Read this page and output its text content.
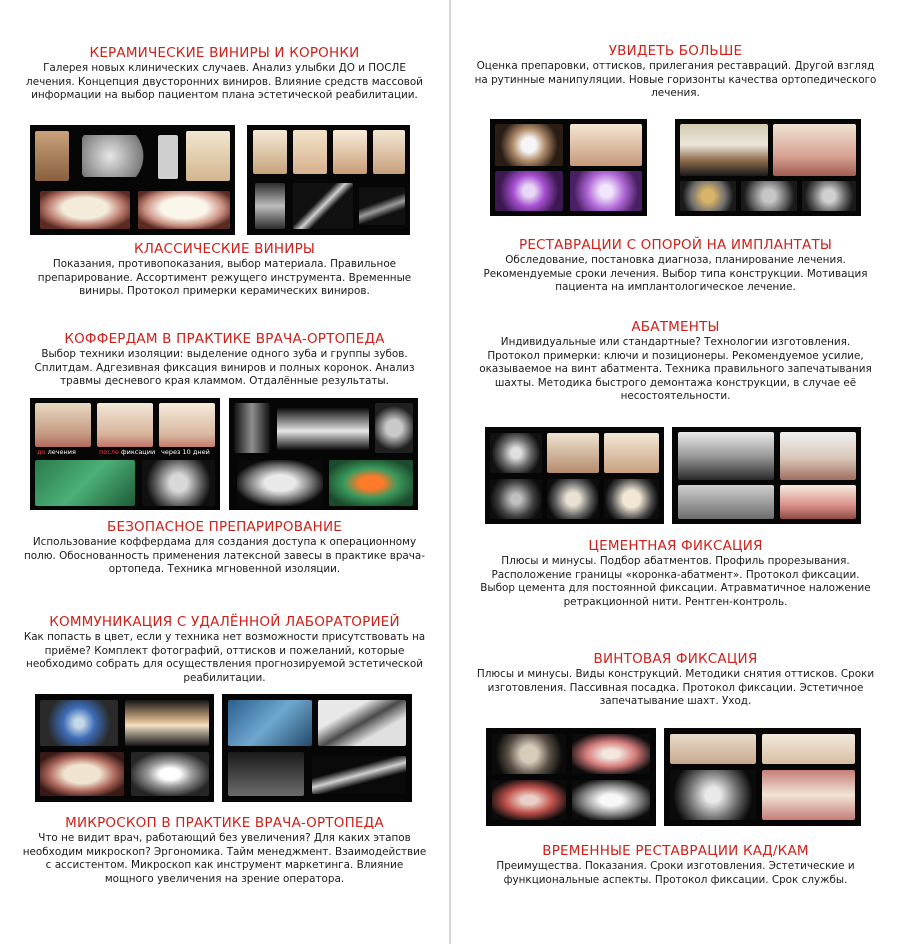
КЕРАМИЧЕСКИЕ ВИНИРЫ И КОРОНКИ
Галерея новых клинических случаев. Анализ улыбки ДО и ПОСЛЕ лечения. Концепция двусторонних виниров. Влияние средств массовой информации на выбор пациентом плана эстетической реабилитации.
КЛАССИЧЕСКИЕ ВИНИРЫ
Показания, противопоказания, выбор материала. Правильное препарирование. Ассортимент режущего инструмента. Временные виниры. Протокол примерки керамических виниров.
КОФФЕРДАМ В ПРАКТИКЕ ВРАЧА-ОРТОПЕДА
Выбор техники изоляции: выделение одного зуба и группы зубов. Сплитдам. Адгезивная фиксация виниров и полных коронок. Анализ травмы десневого края кламмом. Отдалённые результаты.
до лечения	после фиксации через 10 дней
БЕЗОПАСНОЕ ПРЕПАРИРОВАНИЕ
Использование коффердама для создания доступа к операционному полю. Обоснованность применения латексной завесы в практике врача-ортопеда. Техника мгновенной изоляции.
КОММУНИКАЦИЯ С УДАЛЁННОЙ ЛАБОРАТОРИЕЙ
Как попасть в цвет, если у техника нет возможности присутствовать на приёме? Комплект фотографий, оттисков и пожеланий, которые необходимо собрать для осуществления прогнозируемой эстетической реабилитации.
МИКРОСКОП В ПРАКТИКЕ ВРАЧА-ОРТОПЕДА
Что не видит врач, работающий без увеличения? Для каких этапов необходим микроскоп? Эргономика. Тайм менеджмент. Взаимодействие с ассистентом. Микроскоп как инструмент маркетинга. Влияние мощного увеличения на зрение оператора.
УВИДЕТЬ БОЛЬШЕ
Оценка препаровки, оттисков, прилегания реставраций. Другой взгляд на рутинные манипуляции. Новые горизонты качества ортопедического лечения.
РЕСТАВРАЦИИ С ОПОРОЙ НА ИМПЛАНТАТЫ
Обследование, постановка диагноза, планирование лечения. Рекомендуемые сроки лечения. Выбор типа конструкции. Мотивация пациента на имплантологическое лечение.
АБАТМЕНТЫ
Индивидуальные или стандартные? Технологии изготовления. Протокол примерки: ключи и позиционеры. Рекомендуемое усилие, оказываемое на винт абатмента. Техника правильного запечатывания шахты. Методика быстрого демонтажа конструкции, в случае её несостоятельности.
ЦЕМЕНТНАЯ ФИКСАЦИЯ
Плюсы и минусы. Подбор абатментов. Профиль прорезывания. Расположение границы «коронка-абатмент». Протокол фиксации. Выбор цемента для постоянной фиксации. Атравматичное наложение ретракционной нити. Рентген-контроль.
ВИНТОВАЯ ФИКСАЦИЯ
Плюсы и минусы. Виды конструкций. Методики снятия оттисков. Сроки изготовления. Пассивная посадка. Протокол фиксации. Эстетичное запечатывание шахт. Уход.
ВРЕМЕННЫЕ РЕСТАВРАЦИИ КАД/КАМ
Преимущества. Показания. Сроки изготовления. Эстетические и функциональные аспекты. Протокол фиксации. Срок службы.
